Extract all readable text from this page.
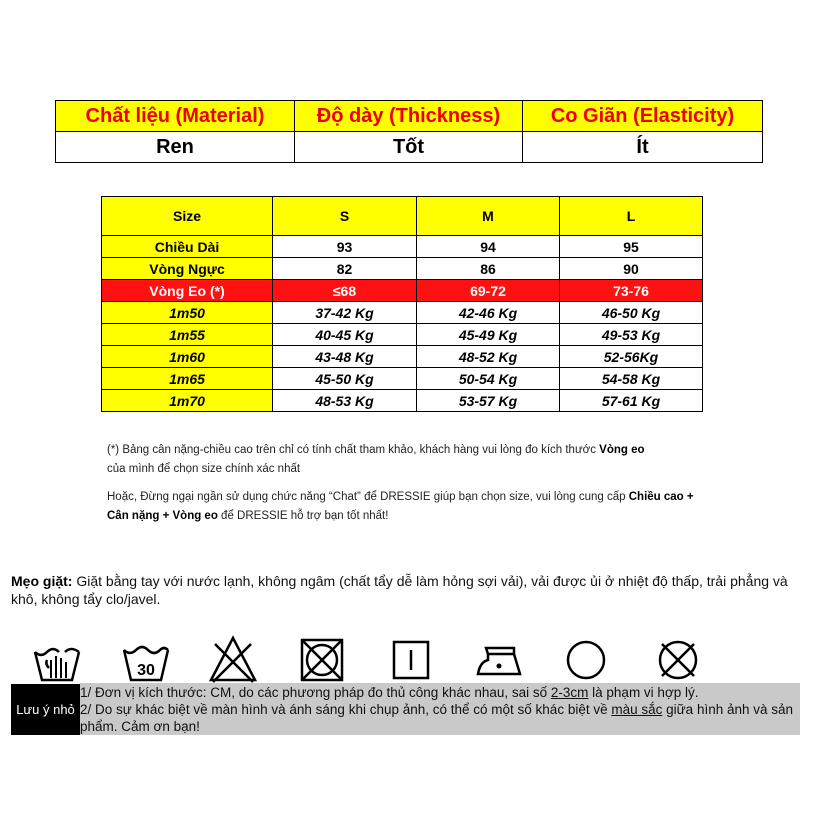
Chất liệu (Material)	Độ dày (Thickness)	Co Giãn (Elasticity)
Ren	Tốt	Ít
Size	S	M	L
Chiều Dài	93	94	95
Vòng Ngực	82	86	90
Vòng Eo (*)	≤68	69-72	73-76
1m50	37-42 Kg	42-46 Kg	46-50 Kg
1m55	40-45 Kg	45-49 Kg	49-53 Kg
1m60	43-48 Kg	48-52 Kg	52-56Kg
1m65	45-50 Kg	50-54 Kg	54-58 Kg
1m70	48-53 Kg	53-57 Kg	57-61 Kg
(*) Bảng cân nặng-chiều cao trên chỉ có tính chất tham khảo, khách hàng vui lòng đo kích thước Vòng eo
của mình để chọn size chính xác nhất
Hoặc, Đừng ngại ngần sử dụng chức năng “Chat” để DRESSIE giúp bạn chọn size, vui lòng cung cấp Chiều cao + Cân nặng + Vòng eo để DRESSIE hỗ trợ bạn tốt nhất!
Mẹo giặt: Giặt bằng tay với nước lạnh, không ngâm (chất tẩy dễ làm hỏng sợi vải), vải được ủi ở nhiệt độ thấp, trải phẳng và khô, không tẩy clo/javel.
30
Lưu ý nhỏ
1/ Đơn vị kích thước: CM, do các phương pháp đo thủ công khác nhau, sai số 2-3cm là phạm vi hợp lý.
2/ Do sự khác biệt về màn hình và ánh sáng khi chụp ảnh, có thể có một số khác biệt về màu sắc giữa hình ảnh và sản phẩm. Cảm ơn bạn!
